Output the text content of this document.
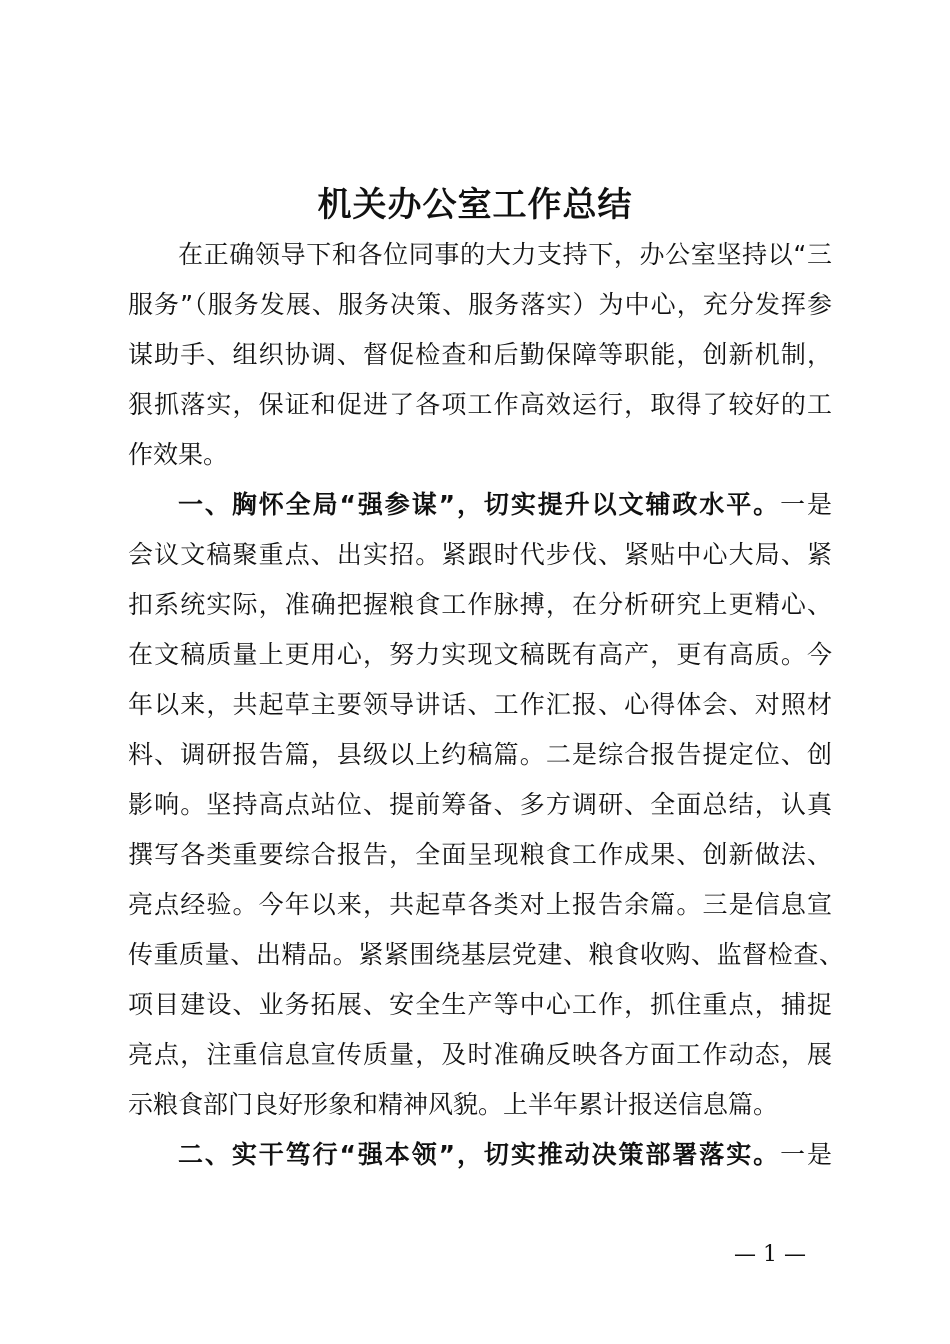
机关办公室工作总结
在正确领导下和各位同事的大力支持下，办公室坚持以“三
服务”（服务发展、服务决策、服务落实）为中心，充分发挥参
谋助手、组织协调、督促检查和后勤保障等职能，创新机制，
狠抓落实，保证和促进了各项工作高效运行，取得了较好的工
作效果。
一、胸怀全局“强参谋”，切实提升以文辅政水平。一是
会议文稿聚重点、出实招。紧跟时代步伐、紧贴中心大局、紧
扣系统实际，准确把握粮食工作脉搏，在分析研究上更精心、
在文稿质量上更用心，努力实现文稿既有高产，更有高质。今
年以来，共起草主要领导讲话、工作汇报、心得体会、对照材
料、调研报告篇，县级以上约稿篇。二是综合报告提定位、创
影响。坚持高点站位、提前筹备、多方调研、全面总结，认真
撰写各类重要综合报告，全面呈现粮食工作成果、创新做法、
亮点经验。今年以来，共起草各类对上报告余篇。三是信息宣
传重质量、出精品。紧紧围绕基层党建、粮食收购、监督检查、
项目建设、业务拓展、安全生产等中心工作，抓住重点，捕捉
亮点，注重信息宣传质量，及时准确反映各方面工作动态，展
示粮食部门良好形象和精神风貌。上半年累计报送信息篇。
二、实干笃行“强本领”，切实推动决策部署落实。一是
— 1 —
